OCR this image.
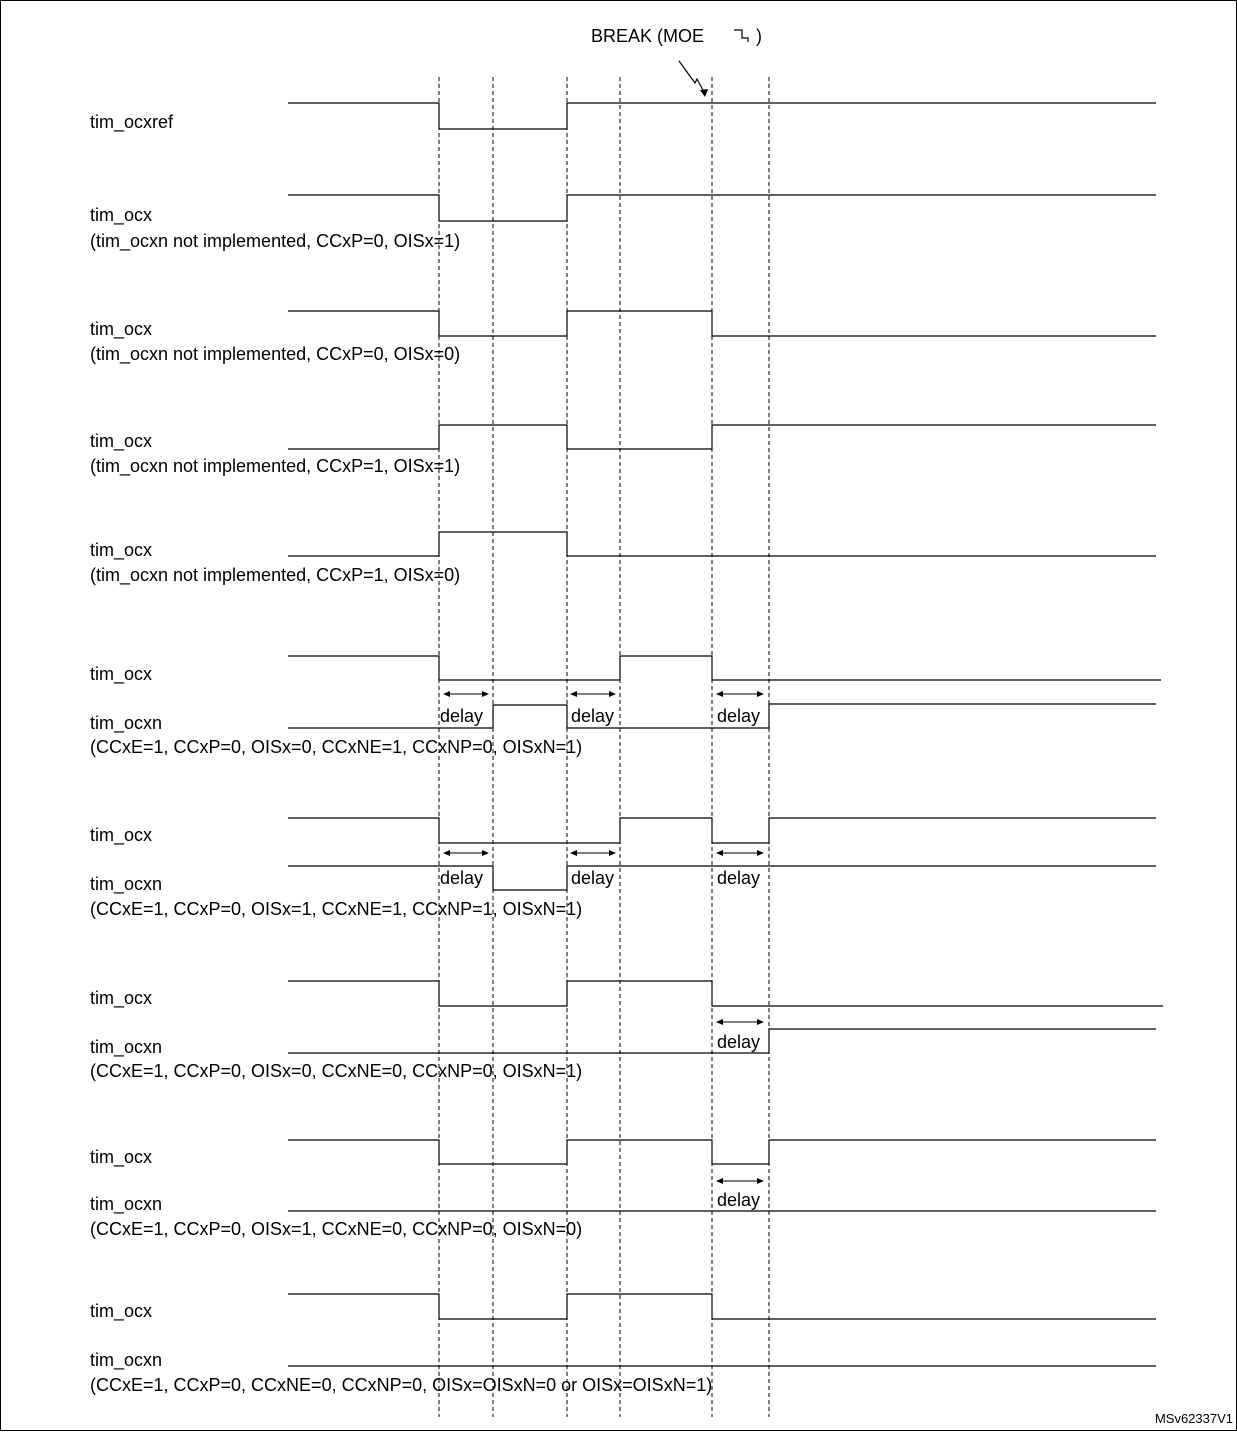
BREAK (MOE	)
tim_ocxref
tim_ocx
(tim_ocxn not implemented, CCxP=0, OISx=1)
tim_ocx
(tim_ocxn not implemented, CCxP=0, OISx=0)
tim_ocx
(tim_ocxn not implemented, CCxP=1, OISx=1)
tim_ocx
(tim_ocxn not implemented, CCxP=1, OISx=0)
tim_ocx
tim_ocxn
(CCxE=1, CCxP=0, OISx=0, CCxNE=1, CCxNP=0, OISxN=1)
tim_ocx
tim_ocxn
(CCxE=1, CCxP=0, OISx=1, CCxNE=1, CCxNP=1, OISxN=1)
tim_ocx
tim_ocxn
(CCxE=1, CCxP=0, OISx=0, CCxNE=0, CCxNP=0, OISxN=1)
tim_ocx
tim_ocxn
(CCxE=1, CCxP=0, OISx=1, CCxNE=0, CCxNP=0, OISxN=0)
tim_ocx
tim_ocxn
(CCxE=1, CCxP=0, CCxNE=0, CCxNP=0, OISx=OISxN=0 or OISx=OISxN=1)
delay	delay	delay
delay	delay	delay
delay
delay
MSv62337V1
